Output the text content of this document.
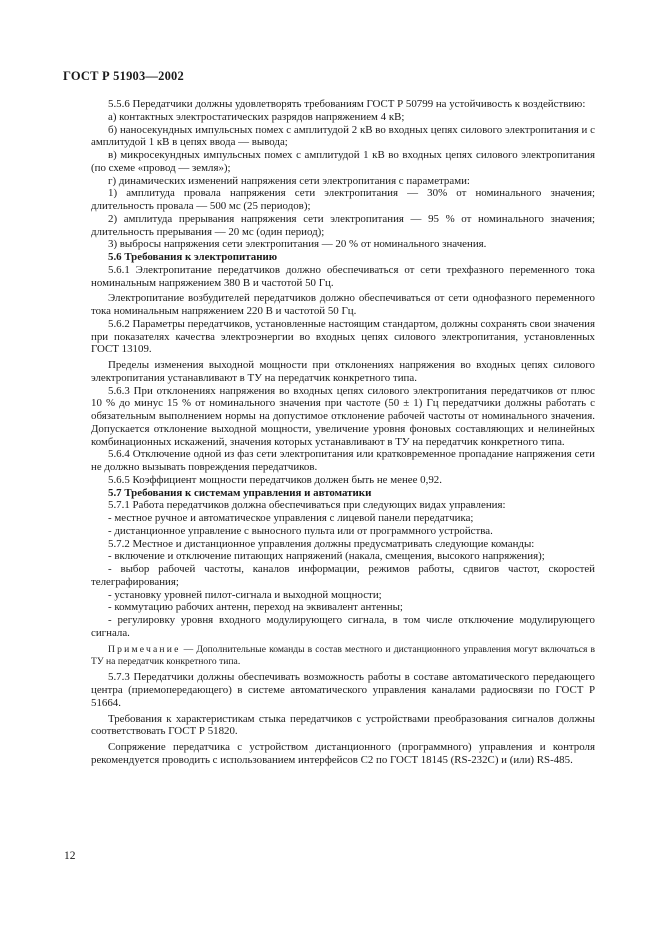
ГОСТ Р 51903—2002

5.5.6 Передатчики должны удовлетворять требованиям ГОСТ Р 50799 на устойчивость к воздействию:

а) контактных электростатических разрядов напряжением 4 кВ;

б) наносекундных импульсных помех с амплитудой 2 кВ во входных цепях силового электропитания и с амплитудой 1 кВ в цепях ввода — вывода;

в) микросекундных импульсных помех с амплитудой 1 кВ во входных цепях силового электропитания (по схеме «провод — земля»);

г) динамических изменений напряжения сети электропитания с параметрами:

1) амплитуда провала напряжения сети электропитания — 30% от номинального значения; длительность провала — 500 мс (25 периодов);

2) амплитуда прерывания напряжения сети электропитания — 95 % от номинального значения; длительность прерывания — 20 мс (один период);

3) выбросы напряжения сети электропитания — 20 % от номинального значения.

5.6 Требования к электропитанию

5.6.1 Электропитание передатчиков должно обеспечиваться от сети трехфазного переменного тока номинальным напряжением 380 В и частотой 50 Гц.

Электропитание возбудителей передатчиков должно обеспечиваться от сети однофазного переменного тока номинальным напряжением 220 В и частотой 50 Гц.

5.6.2 Параметры передатчиков, установленные настоящим стандартом, должны сохранять свои значения при показателях качества электроэнергии во входных цепях силового электропитания, установленных ГОСТ 13109.

Пределы изменения выходной мощности при отклонениях напряжения во входных цепях силового электропитания устанавливают в ТУ на передатчик конкретного типа.

5.6.3 При отклонениях напряжения во входных цепях силового электропитания передатчиков от плюс 10 % до минус 15 % от номинального значения при частоте (50 ± 1) Гц передатчики должны работать с обязательным выполнением нормы на допустимое отклонение рабочей частоты от номинального значения. Допускается отклонение выходной мощности, увеличение уровня фоновых составляющих и нелинейных комбинационных искажений, значения которых устанавливают в ТУ на передатчик конкретного типа.

5.6.4 Отключение одной из фаз сети электропитания или кратковременное пропадание напряжения сети не должно вызывать повреждения передатчиков.

5.6.5 Коэффициент мощности передатчиков должен быть не менее 0,92.

5.7 Требования к системам управления и автоматики

5.7.1 Работа передатчиков должна обеспечиваться при следующих видах управления:

- местное ручное и автоматическое управления с лицевой панели передатчика;

- дистанционное управление с выносного пульта или от программного устройства.

5.7.2 Местное и дистанционное управления должны предусматривать следующие команды:

- включение и отключение питающих напряжений (накала, смещения, высокого напряжения);

- выбор рабочей частоты, каналов информации, режимов работы, сдвигов частот, скоростей телеграфирования;

- установку уровней пилот-сигнала и выходной мощности;

- коммутацию рабочих антенн, переход на эквивалент антенны;

- регулировку уровня входного модулирующего сигнала, в том числе отключение модулирующего сигнала.

Примечание — Дополнительные команды в состав местного и дистанционного управления могут включаться в ТУ на передатчик конкретного типа.

5.7.3 Передатчики должны обеспечивать возможность работы в составе автоматического передающего центра (приемопередающего) в системе автоматического управления каналами радиосвязи по ГОСТ Р 51664.

Требования к характеристикам стыка передатчиков с устройствами преобразования сигналов должны соответствовать ГОСТ Р 51820.

Сопряжение передатчика с устройством дистанционного (программного) управления и контроля рекомендуется проводить с использованием интерфейсов С2 по ГОСТ 18145 (RS-232C) и (или) RS-485.

12
